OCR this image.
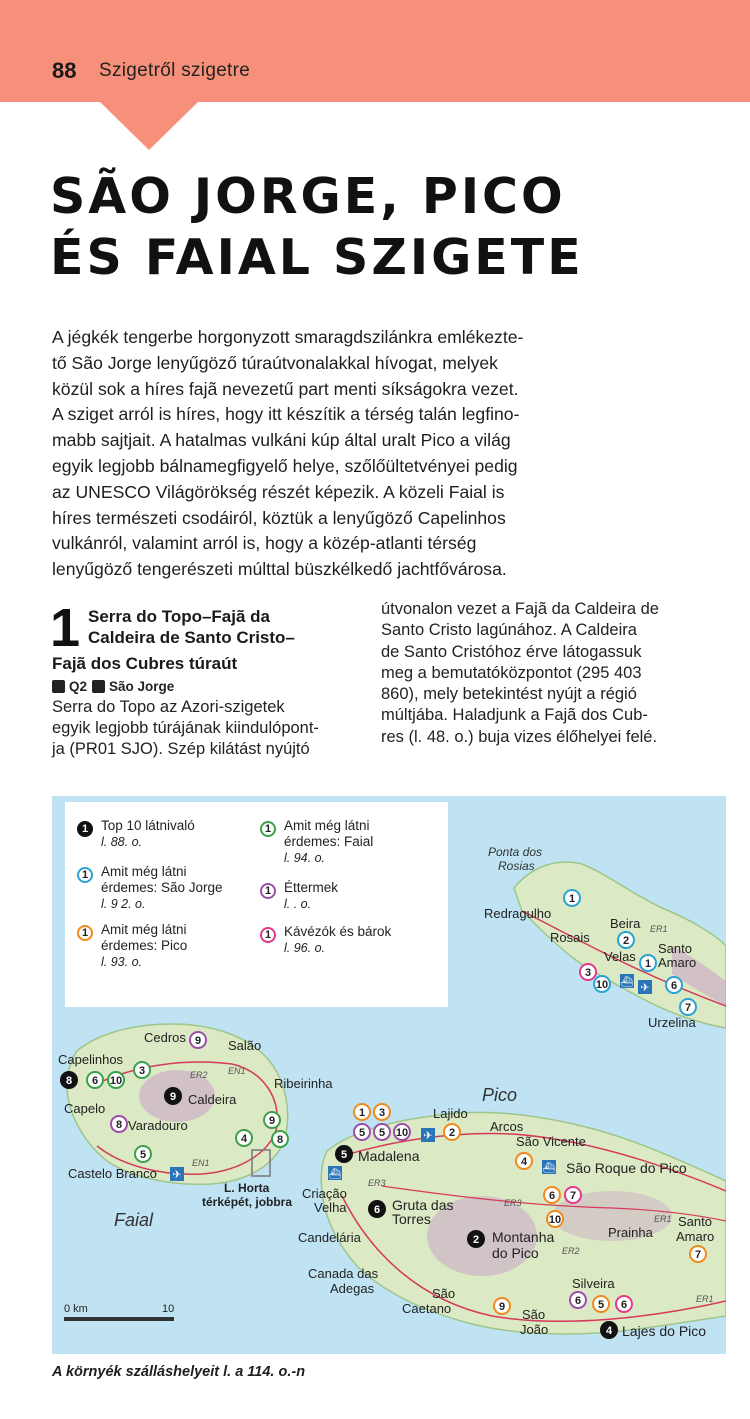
88 Szigetről szigetre
SÃO JORGE, PICO
ÉS FAIAL SZIGETE
A jégkék tengerbe horgonyzott smaragdszilánkra emlékezte-
tő São Jorge lenyűgöző túraútvonalakkal hívogat, melyek
közül sok a híres fajã nevezetű part menti síkságokra vezet.
A sziget arról is híres, hogy itt készítik a térség talán legfino-
mabb sajtjait. A hatalmas vulkáni kúp által uralt Pico a világ
egyik legjobb bálnamegfigyelő helye, szőlőültetvényei pedig
az UNESCO Világörökség részét képezik. A közeli Faial is
híres természeti csodáiról, köztük a lenyűgöző Capelinhos
vulkánról, valamint arról is, hogy a közép-atlanti térség
lenyűgöző tengerészeti múlttal büszkélkedő jachtfővárosa.
1 Serra do Topo–Fajã da
Caldeira de Santo Cristo–
Fajã dos Cubres túraút
Q2 São Jorge
Serra do Topo az Azori-szigetek
egyik legjobb túrájának kiindulópont-
ja (PR01 SJO). Szép kilátást nyújtó
útvonalon vezet a Fajã da Caldeira de
Santo Cristo lagúnához. A Caldeira
de Santo Cristóhoz érve látogassuk
meg a bemutatóközpontot (295 403
860), mely betekintést nyújt a régió
múltjába. Haladjunk a Fajã dos Cub-
res (l. 48. o.) buja vizes élőhelyei felé.
Ponta dos
Rosias
Pico
Faial
Redragulho
Rosais
Beira
Santo
Amaro
Velas
Urzelina
Cedros
Salão
Capelinhos
Ribeirinha
Caldeira
Capelo
Varadouro
Castelo Branco
L. Horta
térképét, jobbra
Lajido
Arcos
São Vicente
Madalena
São Roque do Pico
Criação
Velha	Gruta das
Torres
Candelária	Montanha
do Pico
Prainha
Santo
Amaro
Canada das
Adegas	São
Caetano
Silveira
São
João	Lajes do Pico
ER1
ER2 EN1
EN1
ER3
ER3
ER2
ER1
ER1
8
9
5
6
2
4
1
2
1
10	6
7
3
9
6 10
3
9
4	8
5
8
1 3
2
4
6
10
7
9	5
5 5 10
6
7
6
✈
⛴
✈
✈
⛴
⛴
0 km	10
1 Top 10 látnivaló
l. 88. o.
1 Amit még látni érdemes: São Jorge
l. 9 2. o.
1 Amit még látni érdemes: Pico
l. 93. o.
1 Amit még látni érdemes: Faial
l. 94. o.
1 Éttermek
l. . o.
1 Kávézók és bárok
l. 96. o.
A környék szálláshelyeit l. a 114. o.-n
